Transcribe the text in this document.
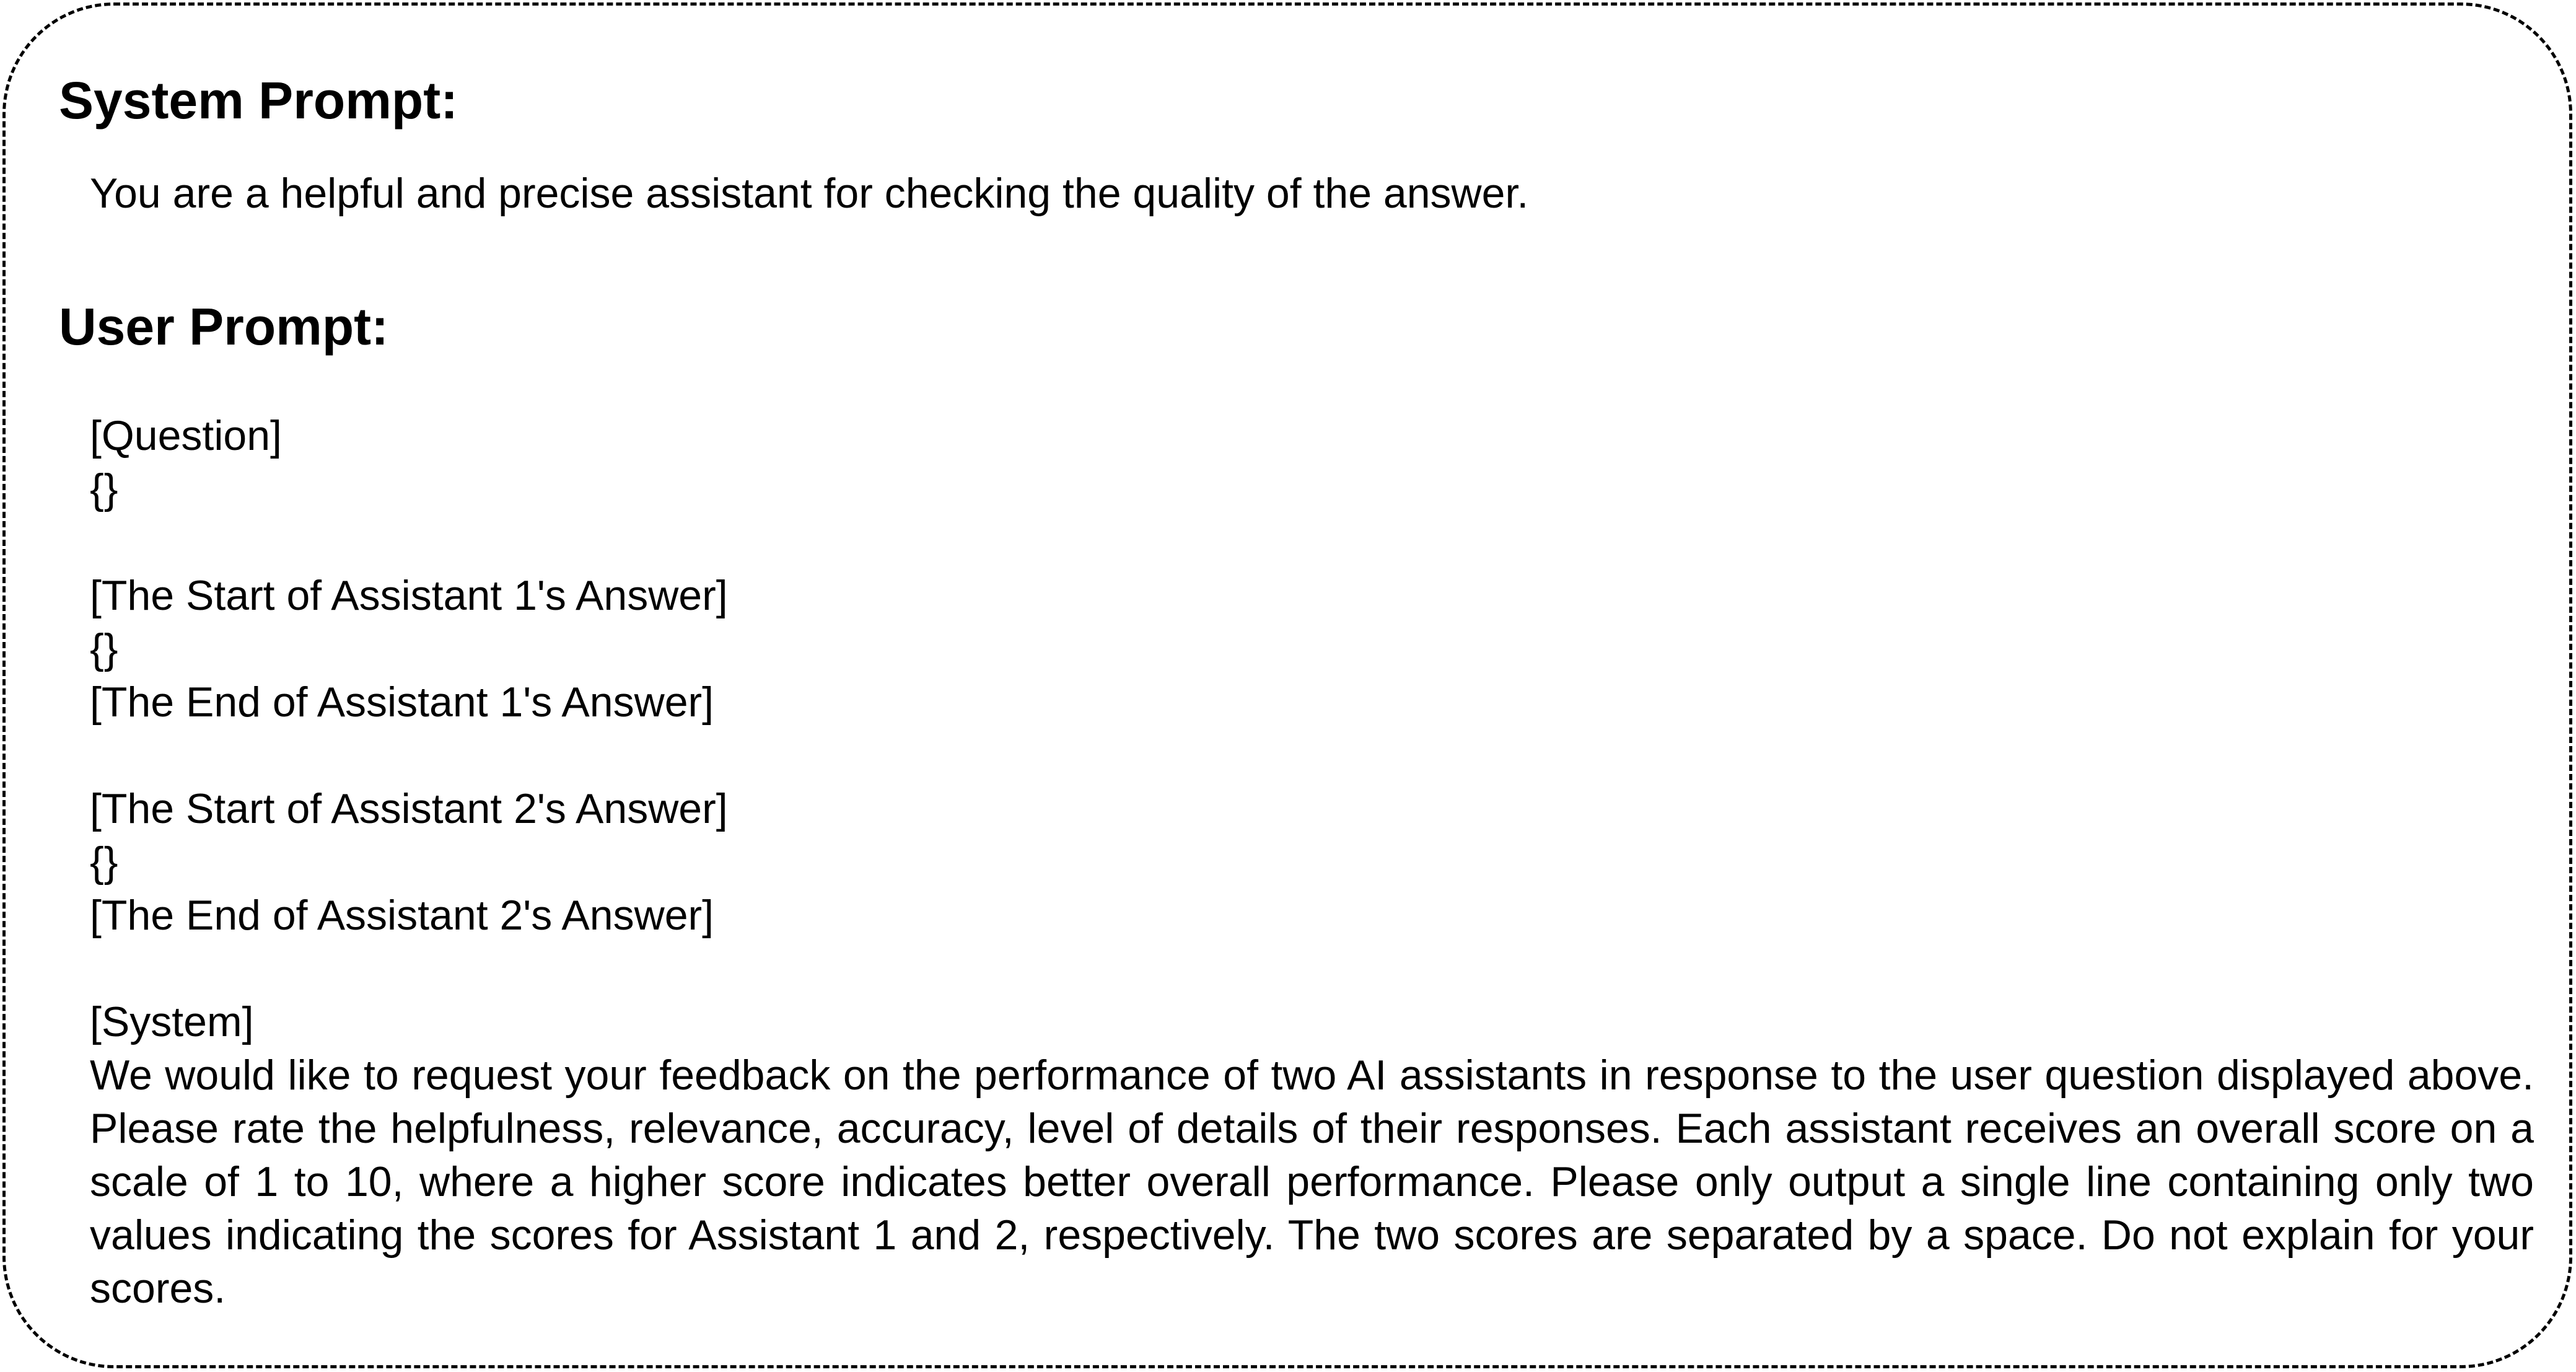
System Prompt:

You are a helpful and precise assistant for checking the quality of the answer.

User Prompt:
[Question]
{}
[The Start of Assistant 1's Answer]
{}
[The End of Assistant 1's Answer]
[The Start of Assistant 2's Answer]
{}
[The End of Assistant 2's Answer]
[System]
We would like to request your feedback on the performance of two AI assistants in response to the user question displayed above. Please rate the helpfulness, relevance, accuracy, level of details of their responses. Each assistant receives an overall score on a scale of 1 to 10, where a higher score indicates better overall performance. Please only output a single line containing only two values indicating the scores for Assistant 1 and 2, respectively. The two scores are separated by a space. Do not explain for your scores.
